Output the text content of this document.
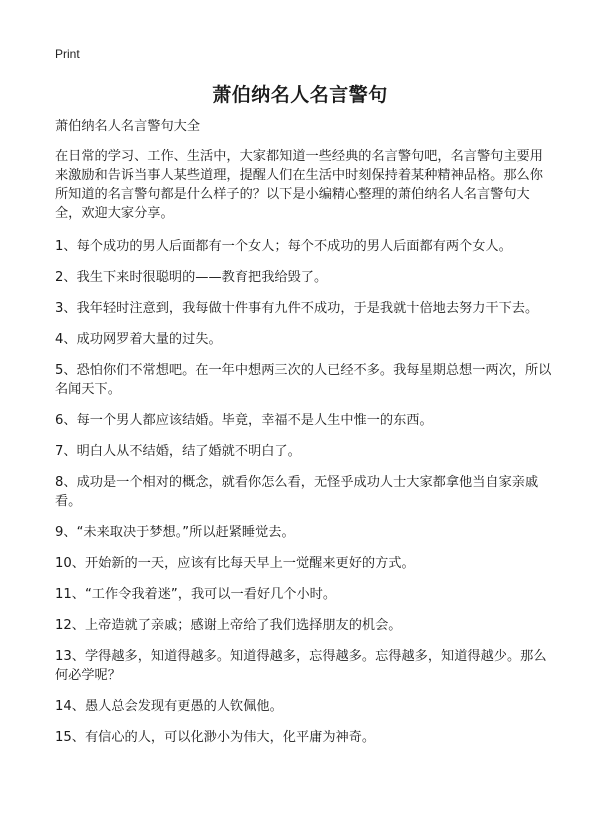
Print
萧伯纳名人名言警句

萧伯纳名人名言警句大全

在日常的学习、工作、生活中，大家都知道一些经典的名言警句吧，名言警句主要用来激励和告诉当事人某些道理，提醒人们在生活中时刻保持着某种精神品格。那么你所知道的名言警句都是什么样子的？以下是小编精心整理的萧伯纳名人名言警句大全，欢迎大家分享。

1、每个成功的男人后面都有一个女人；每个不成功的男人后面都有两个女人。

2、我生下来时很聪明的——教育把我给毁了。

3、我年轻时注意到，我每做十件事有九件不成功，于是我就十倍地去努力干下去。

4、成功网罗着大量的过失。

5、恐怕你们不常想吧。在一年中想两三次的人已经不多。我每星期总想一两次，所以名闻天下。

6、每一个男人都应该结婚。毕竟，幸福不是人生中惟一的东西。

7、明白人从不结婚，结了婚就不明白了。

8、成功是一个相对的概念，就看你怎么看，无怪乎成功人士大家都拿他当自家亲戚看。

9、“未来取决于梦想。”所以赶紧睡觉去。

10、开始新的一天，应该有比每天早上一觉醒来更好的方式。

11、“工作令我着迷”，我可以一看好几个小时。

12、上帝造就了亲戚；感谢上帝给了我们选择朋友的机会。

13、学得越多，知道得越多。知道得越多，忘得越多。忘得越多，知道得越少。那么何必学呢？

14、愚人总会发现有更愚的人钦佩他。

15、有信心的人，可以化渺小为伟大，化平庸为神奇。
